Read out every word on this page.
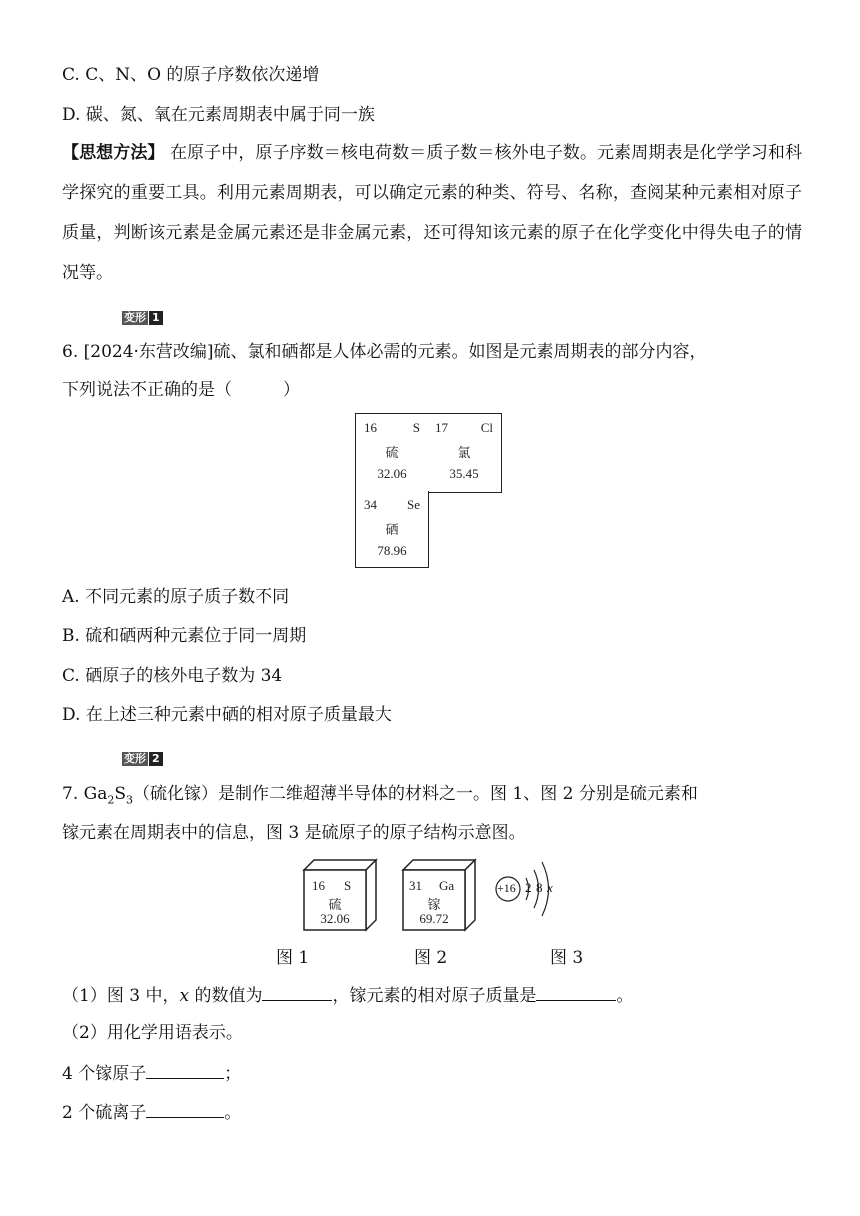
C. C、N、O 的原子序数依次递增
D. 碳、氮、氧在元素周期表中属于同一族
【思想方法】 在原子中，原子序数＝核电荷数＝质子数＝核外电子数。元素周期表是化学学习和科学探究的重要工具。利用元素周期表，可以确定元素的种类、符号、名称，查阅某种元素相对原子质量，判断该元素是金属元素还是非金属元素，还可得知该元素的原子在化学变化中得失电子的情况等。
变形 1
6. [2024·东营改编]硫、氯和硒都是人体必需的元素。如图是元素周期表的部分内容，
下列说法不正确的是（　　　）
16	S
硫
32.06
17	Cl
氯
35.45
34 Se
硒
78.96
A. 不同元素的原子质子数不同
B. 硫和硒两种元素位于同一周期
C. 硒原子的核外电子数为 34
D. 在上述三种元素中硒的相对原子质量最大
变形 2
7. $Ga_2S_3$（硫化镓）是制作二维超薄半导体的材料之一。图 1、图 2 分别是硫元素和
镓元素在周期表中的信息，图 3 是硫原子的原子结构示意图。
16 S
硫
32.06
31 Ga
镓
69.72
+16 2 8 x
图 1	图 2	图 3
（1）图 3 中，x 的数值为	，镓元素的相对原子质量是	。
（2）用化学用语表示。
4 个镓原子	；
2 个硫离子	。
